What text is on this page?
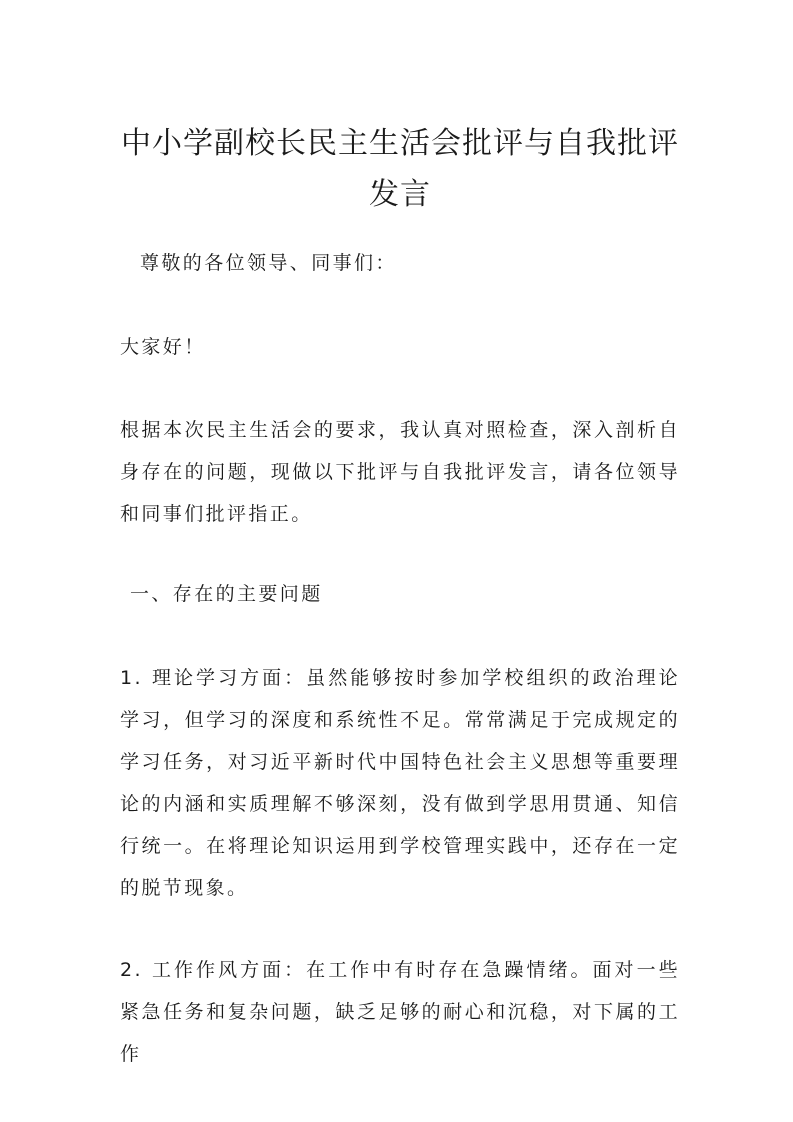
中小学副校长民主生活会批评与自我批评
发言

尊敬的各位领导、同事们：

大家好！

根据本次民主生活会的要求，我认真对照检查，深入剖析自身存在的问题，现做以下批评与自我批评发言，请各位领导和同事们批评指正。

一、存在的主要问题

1. 理论学习方面：虽然能够按时参加学校组织的政治理论学习，但学习的深度和系统性不足。常常满足于完成规定的学习任务，对习近平新时代中国特色社会主义思想等重要理论的内涵和实质理解不够深刻，没有做到学思用贯通、知信行统一。在将理论知识运用到学校管理实践中，还存在一定的脱节现象。

2. 工作作风方面：在工作中有时存在急躁情绪。面对一些紧急任务和复杂问题，缺乏足够的耐心和沉稳，对下属的工作
